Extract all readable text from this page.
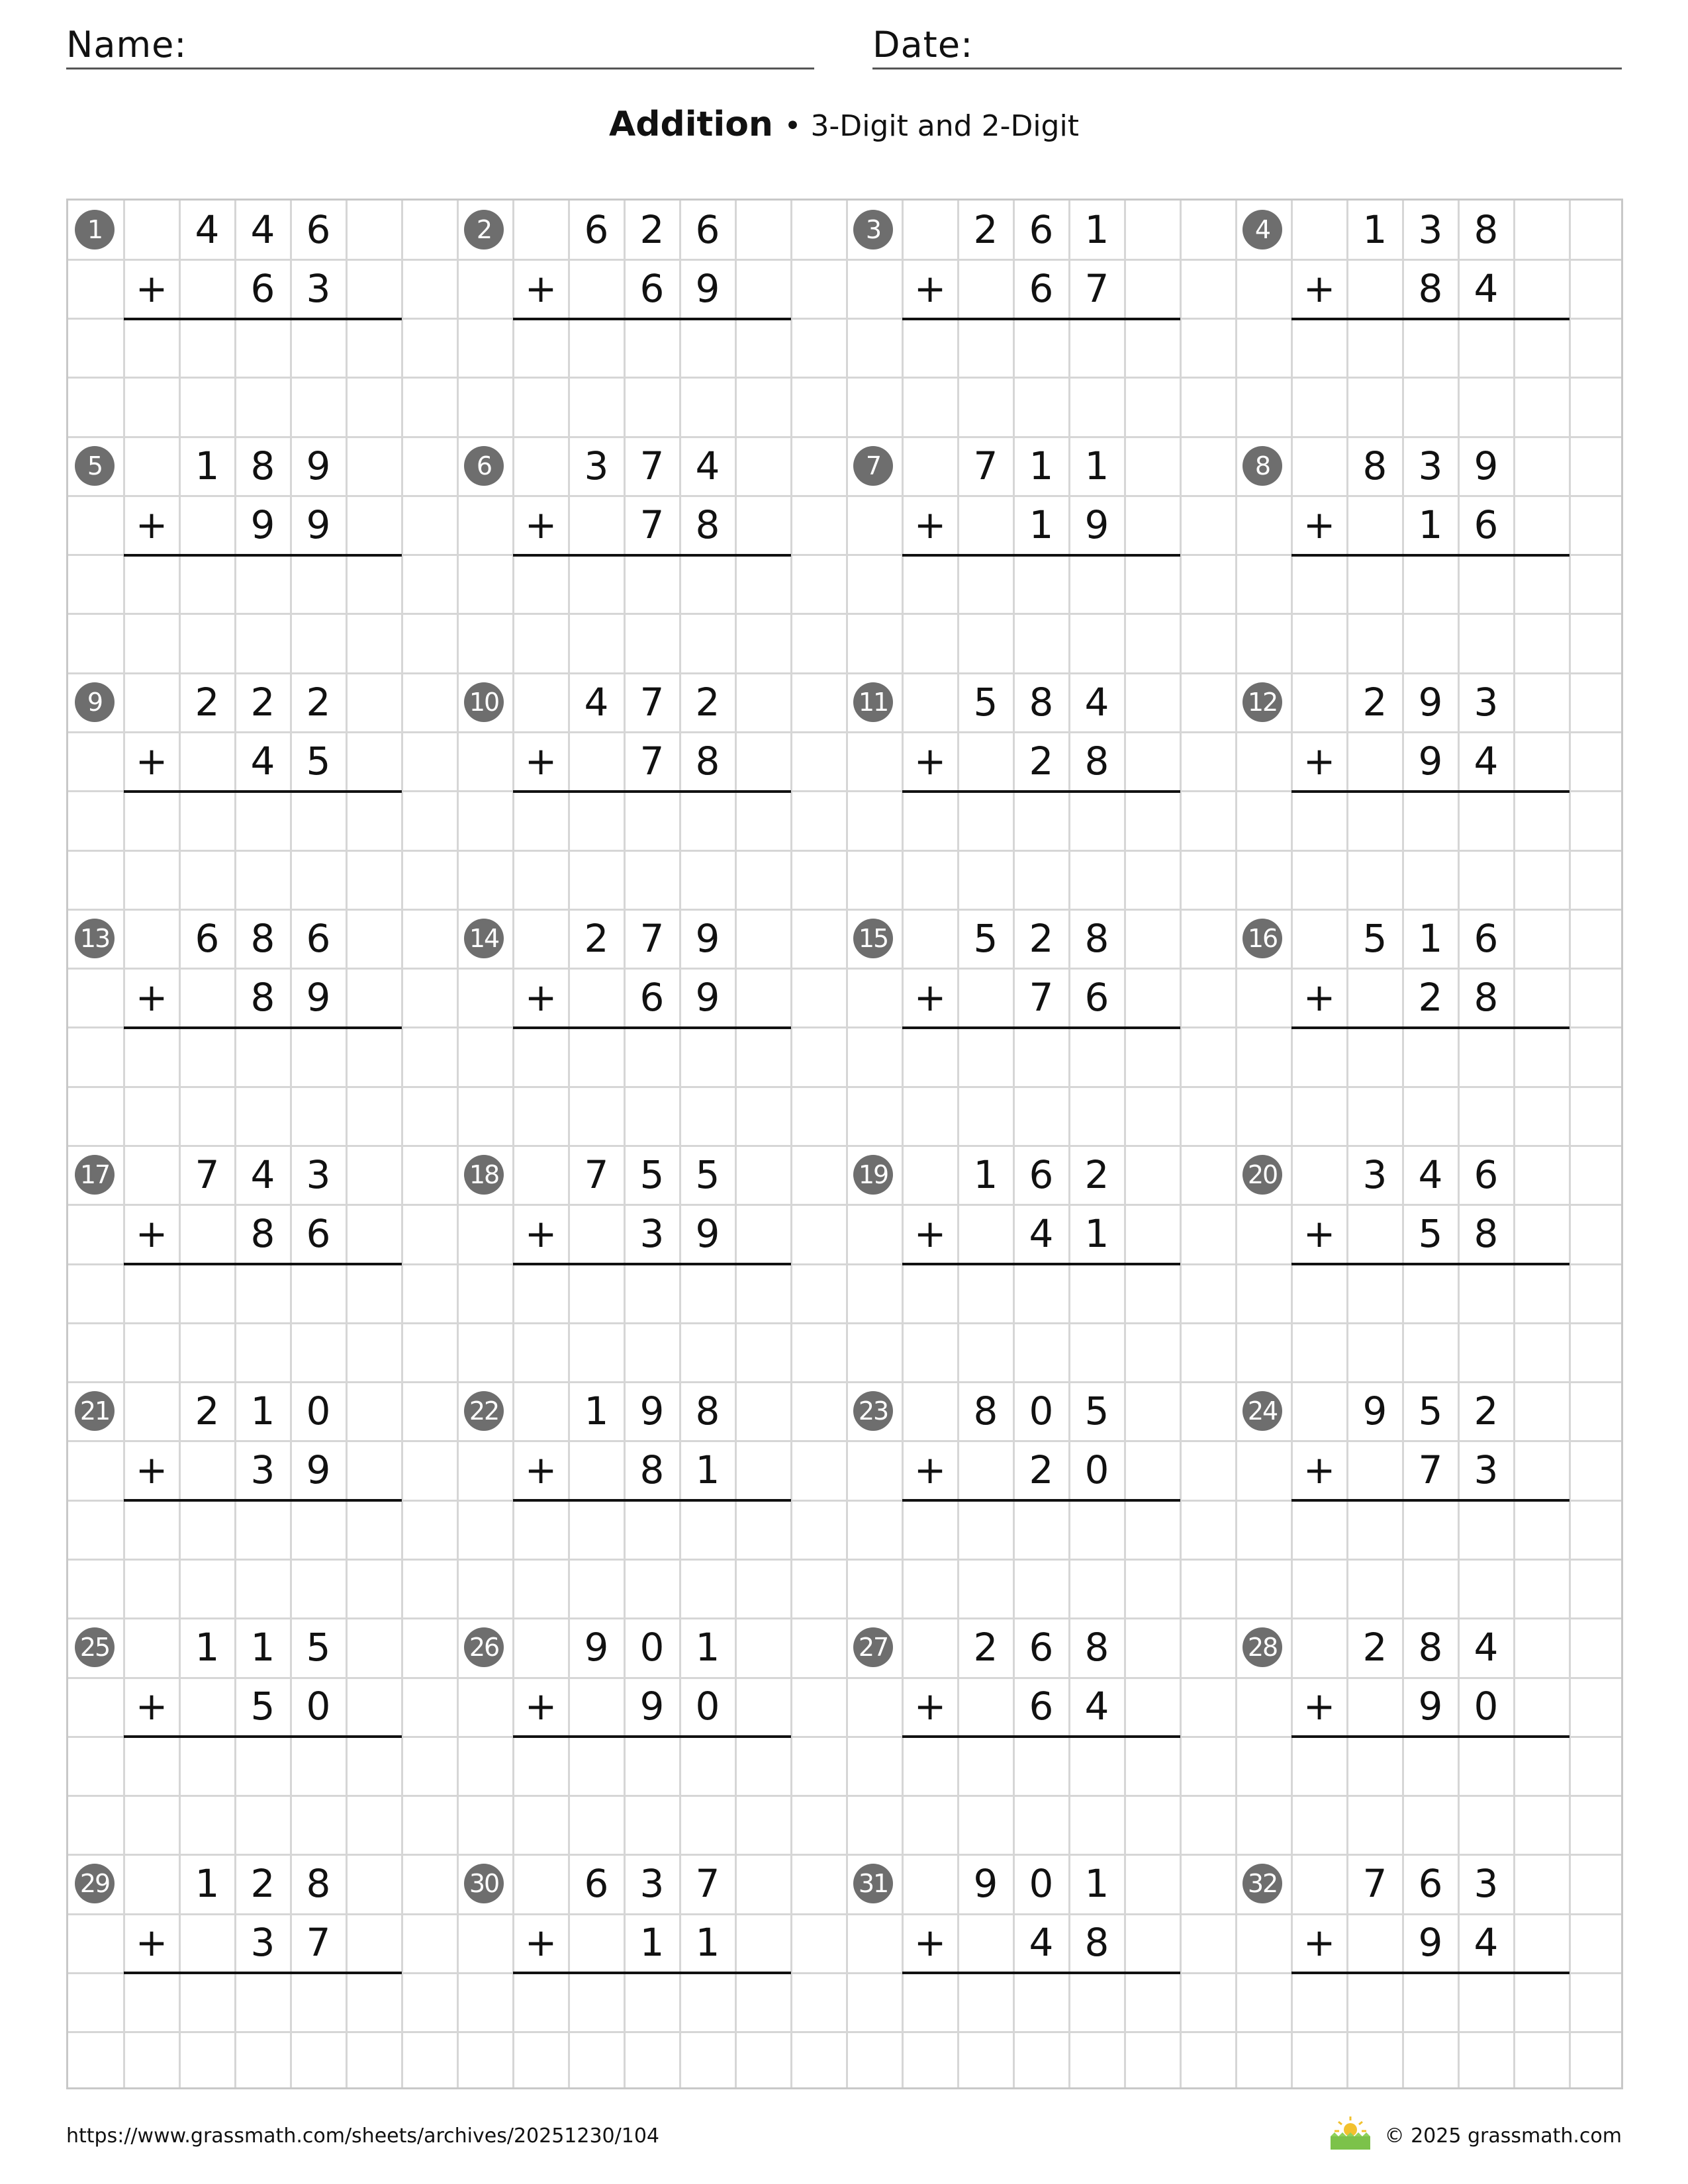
Name:	Date:
Addition • 3-Digit and 2-Digit
1	4 4 6
+	6 3
2	6 2 6
+	6 9
3	2 6 1
+	6 7
4	1 3 8
+	8 4
5	1 8 9
+	9 9
6	3 7 4
+	7 8
7	7 1 1
+	1 9
8	8 3 9
+	1 6
9	2 2 2
+	4 5
10	4 7 2
+	7 8
11	5 8 4
+	2 8
12	2 9 3
+	9 4
13	6 8 6
+	8 9
14	2 7 9
+	6 9
15	5 2 8
+	7 6
16	5 1 6
+	2 8
17	7 4 3
+	8 6
18	7 5 5
+	3 9
19	1 6 2
+	4 1
20	3 4 6
+	5 8
21	2 1 0
+	3 9
22	1 9 8
+	8 1
23	8 0 5
+	2 0
24	9 5 2
+	7 3
25	1 1 5
+	5 0
26	9 0 1
+	9 0
27	2 6 8
+	6 4
28	2 8 4
+	9 0
29	1 2 8
+	3 7
30	6 3 7
+	1 1
31	9 0 1
+	4 8
32	7 6 3
+	9 4
https://www.grassmath.com/sheets/archives/20251230/104	© 2025 grassmath.com
